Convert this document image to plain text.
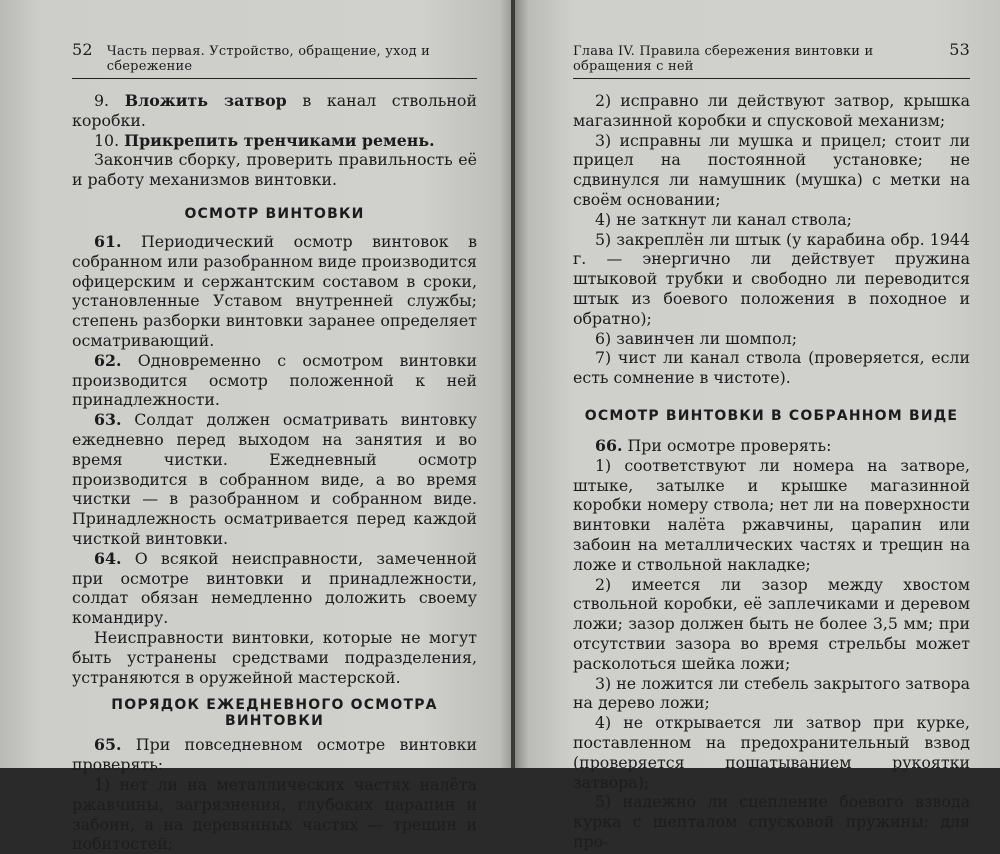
52 Часть первая. Устройство, обращение, уход и сбережение

9. Вложить затвор в канал ствольной коробки.

10. Прикрепить тренчиками ремень.

Закончив сборку, проверить правильность её и работу механизмов винтовки.

ОСМОТР ВИНТОВКИ

61. Периодический осмотр винтовок в собранном или разобранном виде производится офицерским и сержантским составом в сроки, установленные Уставом внутренней службы; степень разборки винтовки заранее определяет осматривающий.

62. Одновременно с осмотром винтовки производится осмотр положенной к ней принадлежности.

63. Солдат должен осматривать винтовку ежедневно перед выходом на занятия и во время чистки. Ежедневный осмотр производится в собранном виде, а во время чистки — в разобранном и собранном виде. Принадлежность осматривается перед каждой чисткой винтовки.

64. О всякой неисправности, замеченной при осмотре винтовки и принадлежности, солдат обязан немедленно доложить своему командиру.

Неисправности винтовки, которые не могут быть устранены средствами подразделения, устраняются в оружейной мастерской.

ПОРЯДОК ЕЖЕДНЕВНОГО ОСМОТРА ВИНТОВКИ

65. При повседневном осмотре винтовки проверять:

1) нет ли на металлических частях налёта ржавчины, загрязнения, глубоких царапин и забоин, а на деревянных частях — трещин и побитостей;

Глава IV. Правила сбережения винтовки и обращения с ней
53

2) исправно ли действуют затвор, крышка магазинной коробки и спусковой механизм;

3) исправны ли мушка и прицел; стоит ли прицел на постоянной установке; не сдвинулся ли намушник (мушка) с метки на своём основании;

4) не заткнут ли канал ствола;

5) закреплён ли штык (у карабина обр. 1944 г. — энергично ли действует пружина штыковой трубки и свободно ли переводится штык из боевого положения в походное и обратно);

6) завинчен ли шомпол;

7) чист ли канал ствола (проверяется, если есть сомнение в чистоте).

ОСМОТР ВИНТОВКИ В СОБРАННОМ ВИДЕ

66. При осмотре проверять:

1) соответствуют ли номера на затворе, штыке, затылке и крышке магазинной коробки номеру ствола; нет ли на поверхности винтовки налёта ржавчины, царапин или забоин на металлических частях и трещин на ложе и ствольной накладке;

2) имеется ли зазор между хвостом ствольной коробки, её заплечиками и деревом ложи; зазор должен быть не более 3,5 мм; при отсутствии зазора во время стрельбы может расколоться шейка ложи;

3) не ложится ли стебель закрытого затвора на дерево ложи;

4) не открывается ли затвор при курке, поставленном на предохранительный взвод (проверяется пошатыванием рукоятки затвора);

5) надежно ли сцепление боевого взвода курка с шепталом спусковой пружины; для про-
